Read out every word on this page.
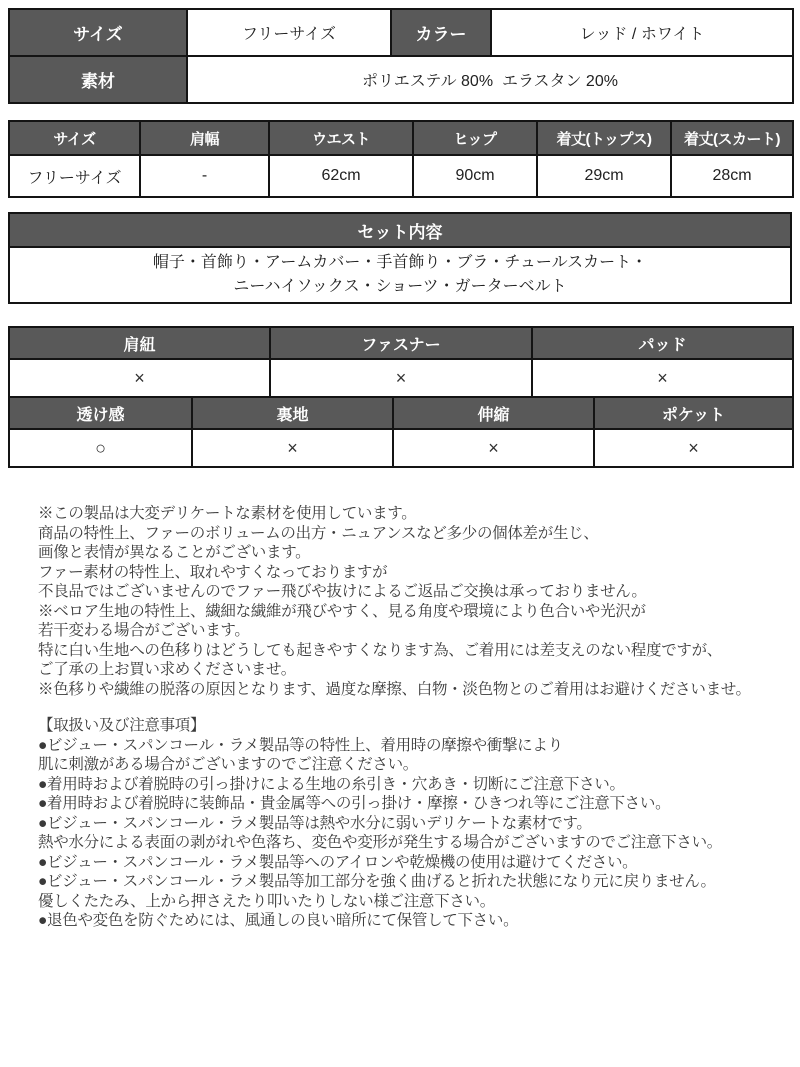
サイズ	フリーサイズ	カラー	レッド / ホワイト
素材	ポリエステル 80%  エラスタン 20%		
サイズ	肩幅	ウエスト	ヒップ	着丈(トップス)	着丈(スカート)
フリーサイズ	-	62cm	90cm	29cm	28cm
セット内容

帽子・首飾り・アームカバー・手首飾り・ブラ・チュールスカート・
ニーハイソックス・ショーツ・ガーターベルト
肩紐	ファスナー	パッド
×	×	×
透け感	裏地	伸縮	ポケット
○	×	×	×
※この製品は大変デリケートな素材を使用しています。
商品の特性上、ファーのボリュームの出方・ニュアンスなど多少の個体差が生じ、
画像と表情が異なることがございます。
ファー素材の特性上、取れやすくなっておりますが
不良品ではございませんのでファー飛びや抜けによるご返品ご交換は承っておりません。
※ベロア生地の特性上、繊細な繊維が飛びやすく、見る角度や環境により色合いや光沢が
若干変わる場合がございます。
特に白い生地への色移りはどうしても起きやすくなります為、ご着用には差支えのない程度ですが、
ご了承の上お買い求めくださいませ。
※色移りや繊維の脱落の原因となります、過度な摩擦、白物・淡色物とのご着用はお避けくださいませ。
【取扱い及び注意事項】
●ビジュー・スパンコール・ラメ製品等の特性上、着用時の摩擦や衝撃により
肌に刺激がある場合がございますのでご注意ください。
●着用時および着脱時の引っ掛けによる生地の糸引き・穴あき・切断にご注意下さい。
●着用時および着脱時に装飾品・貴金属等への引っ掛け・摩擦・ひきつれ等にご注意下さい。
●ビジュー・スパンコール・ラメ製品等は熱や水分に弱いデリケートな素材です。
熱や水分による表面の剥がれや色落ち、変色や変形が発生する場合がございますのでご注意下さい。
●ビジュー・スパンコール・ラメ製品等へのアイロンや乾燥機の使用は避けてください。
●ビジュー・スパンコール・ラメ製品等加工部分を強く曲げると折れた状態になり元に戻りません。
優しくたたみ、上から押さえたり叩いたりしない様ご注意下さい。
●退色や変色を防ぐためには、風通しの良い暗所にて保管して下さい。
